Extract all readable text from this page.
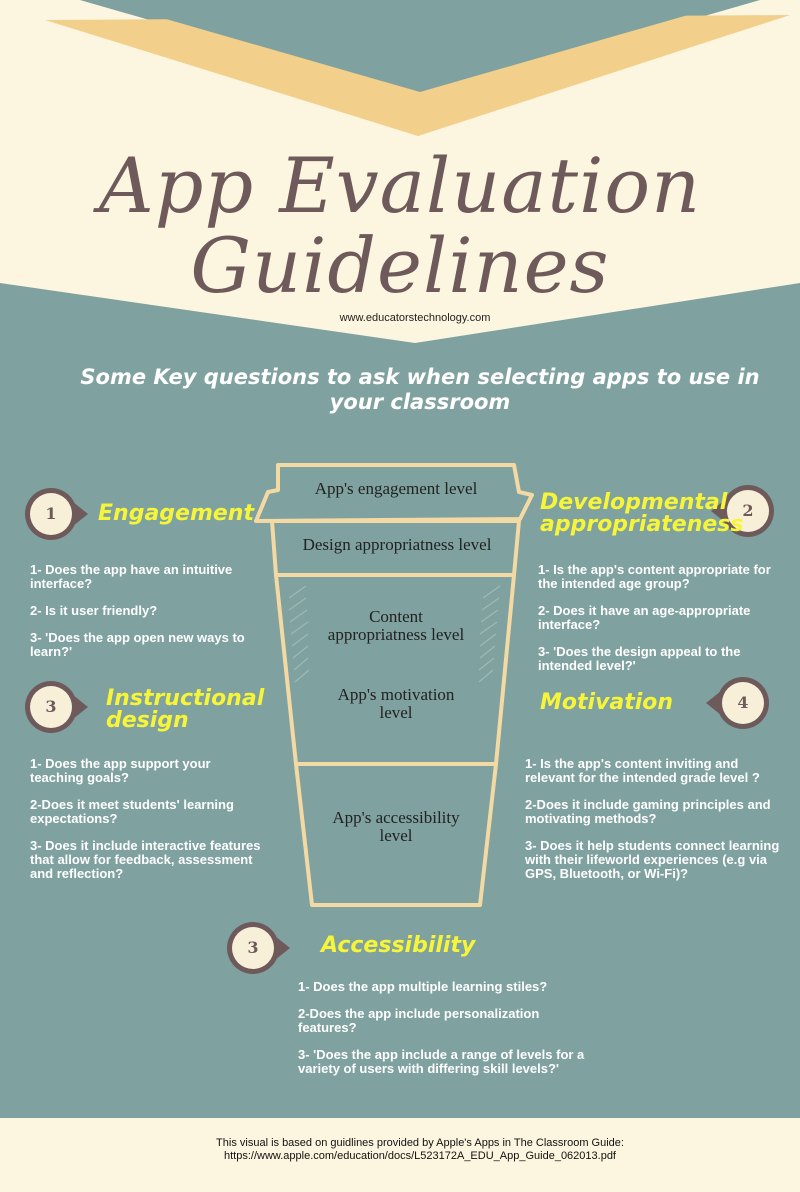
App Evaluation
Guidelines
www.educatorstechnology.com
Some Key questions to ask when selecting apps to use in
your classroom
App's engagement level
Design appropriatness level
Content
appropriatness level
App's motivation
level
App's accessibility
level
1	Engagement
1- Does the app have an intuitive interface?
2- Is it user friendly?
3- 'Does the app open new ways to learn?'
2
Developmental
appropriateness
1- Is the app's content appropriate for the intended age group?
2- Does it have an age-appropriate interface?
3- 'Does the design appeal to the intended level?'
3	Instructional
design
1- Does the app support your teaching goals?
2-Does it meet students' learning expectations?
3- Does it include interactive features that allow for feedback, assessment and reflection?
4
Motivation
1- Is the app's content inviting and relevant for the intended grade level ?
2-Does it include gaming principles and motivating methods?
3- Does it help students connect learning with their lifeworld experiences (e.g via GPS, Bluetooth, or Wi-Fi)?
3	Accessibility
1- Does the app multiple learning stiles?
2-Does the app include personalization features?
3- 'Does the app include a range of levels for a variety of users with differing skill levels?'
This visual is based on guidlines provided by Apple's Apps in The Classroom Guide:
https://www.apple.com/education/docs/L523172A_EDU_App_Guide_062013.pdf
